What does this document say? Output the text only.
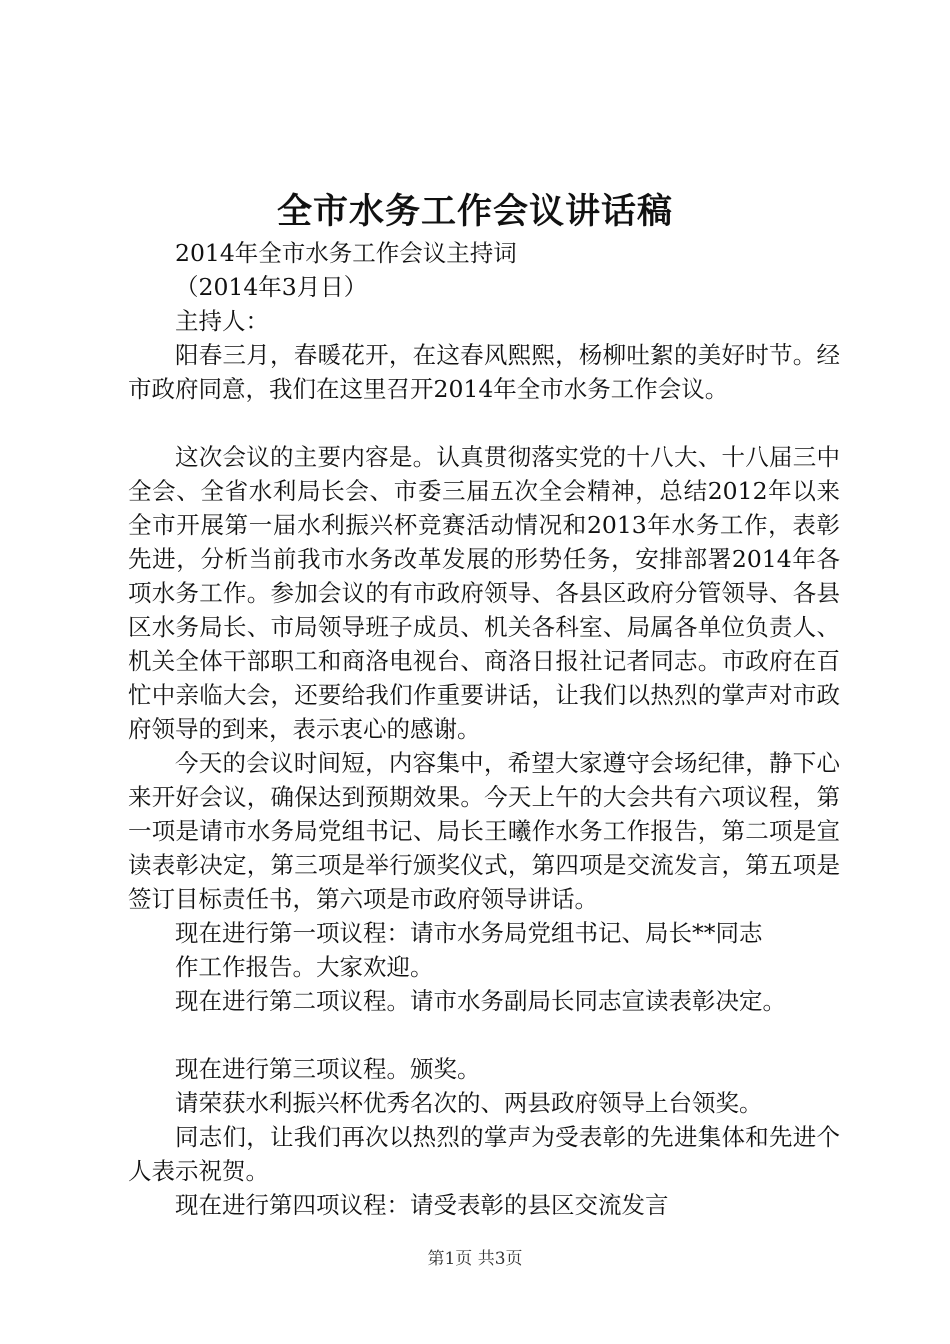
全市水务工作会议讲话稿

2014年全市水务工作会议主持词

（2014年3月日）

主持人：

阳春三月，春暖花开，在这春风熙熙，杨柳吐絮的美好时节。经市政府同意，我们在这里召开2014年全市水务工作会议。

这次会议的主要内容是。认真贯彻落实党的十八大、十八届三中全会、全省水利局长会、市委三届五次全会精神，总结2012年以来全市开展第一届水利振兴杯竞赛活动情况和2013年水务工作，表彰先进，分析当前我市水务改革发展的形势任务，安排部署2014年各项水务工作。参加会议的有市政府领导、各县区政府分管领导、各县区水务局长、市局领导班子成员、机关各科室、局属各单位负责人、机关全体干部职工和商洛电视台、商洛日报社记者同志。市政府在百忙中亲临大会，还要给我们作重要讲话，让我们以热烈的掌声对市政府领导的到来，表示衷心的感谢。

今天的会议时间短，内容集中，希望大家遵守会场纪律，静下心来开好会议，确保达到预期效果。今天上午的大会共有六项议程，第一项是请市水务局党组书记、局长王曦作水务工作报告，第二项是宣读表彰决定，第三项是举行颁奖仪式，第四项是交流发言，第五项是签订目标责任书，第六项是市政府领导讲话。

现在进行第一项议程：请市水务局党组书记、局长**同志

作工作报告。大家欢迎。

现在进行第二项议程。请市水务副局长同志宣读表彰决定。

现在进行第三项议程。颁奖。

请荣获水利振兴杯优秀名次的、两县政府领导上台领奖。

同志们，让我们再次以热烈的掌声为受表彰的先进集体和先进个人表示祝贺。

现在进行第四项议程：请受表彰的县区交流发言

第1页 共3页
